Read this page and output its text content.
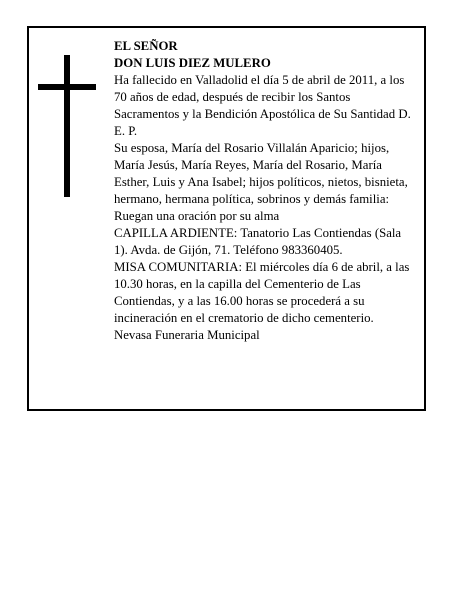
EL SEÑOR

DON LUIS DIEZ MULERO

Ha fallecido en Valladolid el día 5 de abril de 2011, a los 70 años de edad, después de recibir los Santos Sacramentos y la Bendición Apostólica de Su Santidad D. E. P.

Su esposa, María del Rosario Villalán Aparicio; hijos, María Jesús, María Reyes, María del Rosario, María Esther, Luis y Ana Isabel; hijos políticos, nietos, bisnieta, hermano, hermana política, sobrinos y demás familia:

Ruegan una oración por su alma

CAPILLA ARDIENTE: Tanatorio Las Contiendas (Sala 1). Avda. de Gijón, 71. Teléfono 983360405.

MISA COMUNITARIA: El miércoles día 6 de abril, a las 10.30 horas, en la capilla del Cementerio de Las Contiendas, y a las 16.00 horas se procederá a su incineración en el crematorio de dicho cementerio.

Nevasa Funeraria Municipal
